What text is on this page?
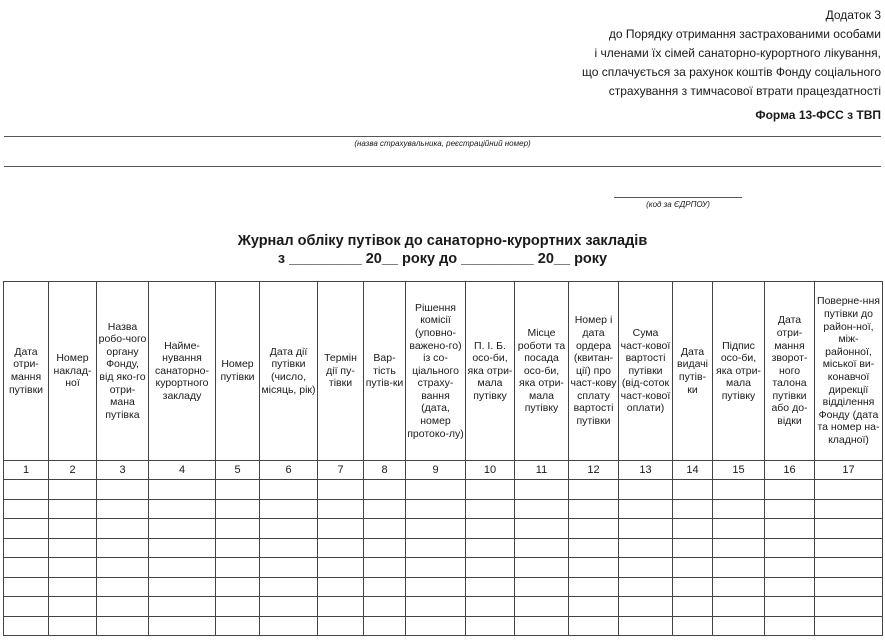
Додаток 3
до Порядку отримання застрахованими особами
і членами їх сімей санаторно-курортного лікування,
що сплачується за рахунок коштів Фонду соціального
страхування з тимчасової втрати працездатності
Форма 13-ФСС з ТВП
(назва страхувальника, реєстраційний номер)
(код за ЄДРПОУ)
Журнал обліку путівок до санаторно-курортних закладів
з _________ 20__ року до _________ 20__ року
Дата отри-мання путівки	Номер наклад-ної	Назва робо-чого органу Фонду, від яко-го отри-мана путівка	Найме-нування санаторно-курортного закладу	Номер путівки	Дата дії путівки (число, місяць, рік)	Термін дії пу-тівки	Вар-тість путів-ки	Рішення комісії (уповно-важено-го) із со-ціального страху-вання (дата, номер протоко-лу)	П. І. Б. осо-би, яка отри-мала путівку	Місце роботи та посада осо-би, яка отри-мала путівку	Номер і дата ордера (квитан-ції) про част-кову сплату вартості путівки	Сума част-кової вартості путівки (від-соток част-кової оплати)	Дата видачі путів-ки	Підпис осо-би, яка отри-мала путівку	Дата отри-мання зворот-ного талона путівки або до-відки	Поверне-ння путівки до район-ної, між-районної, міської ви-конавчої дирекції відділення Фонду (дата та номер на-кладної)

1	2	3	4	5	6	7	8	9	10	11	12	13	14	15	16	17
